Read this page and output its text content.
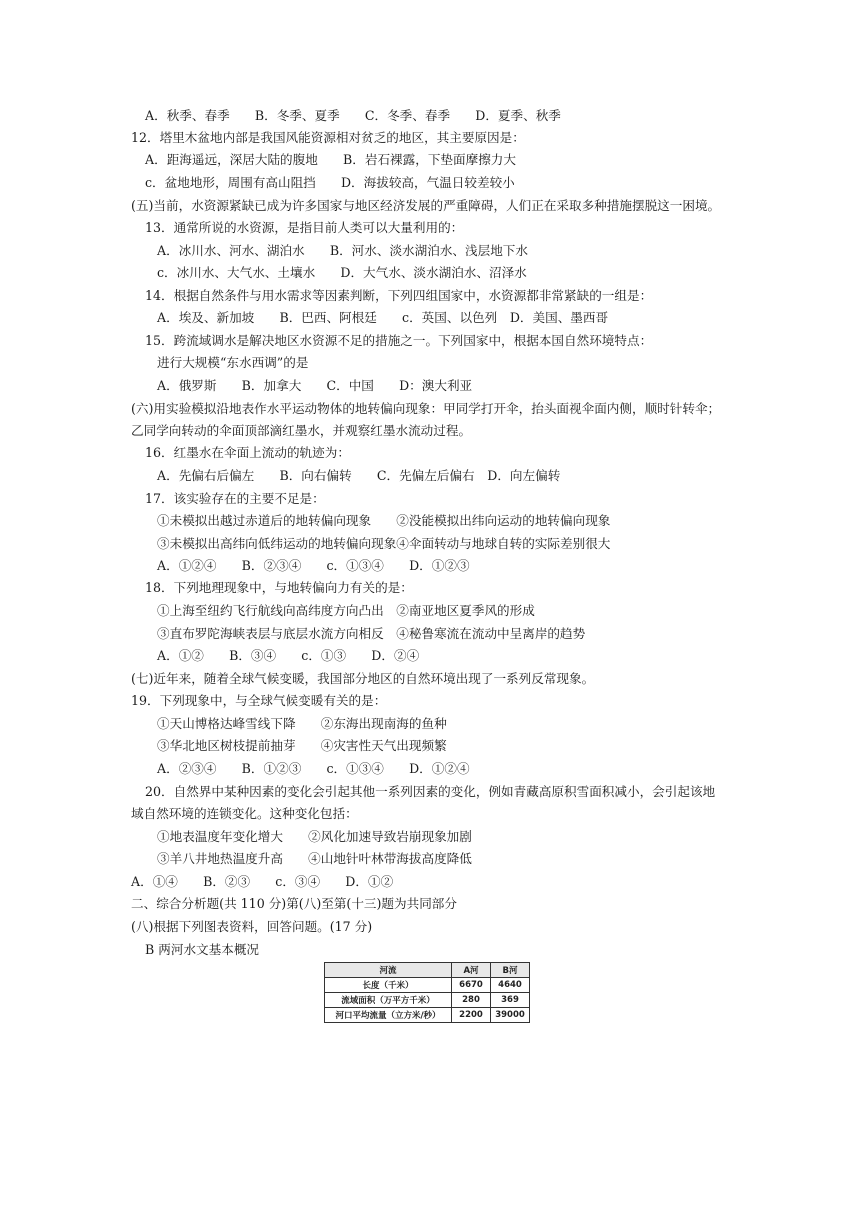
A．秋季、春季　　B．冬季、夏季　　C．冬季、春季　　D．夏季、秋季
12．塔里木盆地内部是我国风能资源相对贫乏的地区，其主要原因是：
A．距海遥远，深居大陆的腹地　　B．岩石裸露，下垫面摩擦力大
c．盆地地形，周围有高山阻挡　　D．海拔较高，气温日较差较小
(五)当前，水资源紧缺已成为许多国家与地区经济发展的严重障碍，人们正在采取多种措施摆脱这一困境。
13．通常所说的水资源，是指目前人类可以大量利用的：
A．冰川水、河水、湖泊水　　B．河水、淡水湖泊水、浅层地下水
c．冰川水、大气水、土壤水　　D．大气水、淡水湖泊水、沼泽水
14．根据自然条件与用水需求等因素判断，下列四组国家中，水资源都非常紧缺的一组是：
A．埃及、新加坡　　B．巴西、阿根廷　　c．英国、以色列　D．美国、墨西哥
15．跨流域调水是解决地区水资源不足的措施之一。下列国家中，根据本国自然环境特点：
进行大规模“东水西调”的是
A．俄罗斯　　B．加拿大　　C．中国　　D：澳大利亚
(六)用实验模拟沿地表作水平运动物体的地转偏向现象：甲同学打开伞，抬头面视伞面内侧，顺时针转伞；
乙同学向转动的伞面顶部滴红墨水，并观察红墨水流动过程。
16．红墨水在伞面上流动的轨迹为：
A．先偏右后偏左　　B．向右偏转　　C．先偏左后偏右　D．向左偏转
17．该实验存在的主要不足是：
①未模拟出越过赤道后的地转偏向现象　　②没能模拟出纬向运动的地转偏向现象
③未模拟出高纬向低纬运动的地转偏向现象④伞面转动与地球自转的实际差别很大
A．①②④　　B．②③④　　c．①③④　　D．①②③
18．下列地理现象中，与地转偏向力有关的是：
①上海至纽约飞行航线向高纬度方向凸出　②南亚地区夏季风的形成
③直布罗陀海峡表层与底层水流方向相反　④秘鲁寒流在流动中呈离岸的趋势
A．①②　　B．③④　　c．①③　　D．②④
(七)近年来，随着全球气候变暖，我国部分地区的自然环境出现了一系列反常现象。
19．下列现象中，与全球气候变暖有关的是：
①天山博格达峰雪线下降　　②东海出现南海的鱼种
③华北地区树枝提前抽芽　　④灾害性天气出现频繁
A．②③④　　B．①②③　　c．①③④　　D．①②④
20．自然界中某种因素的变化会引起其他一系列因素的变化，例如青藏高原积雪面积减小，会引起该地
域自然环境的连锁变化。这种变化包括：
①地表温度年变化增大　　②风化加速导致岩崩现象加剧
③羊八井地热温度升高　　④山地针叶林带海拔高度降低
A．①④　　B．②③　　c．③④　　D．①②
二、综合分析题(共 110 分)第(八)至第(十三)题为共同部分
(八)根据下列图表资料，回答问题。(17 分)
B 两河水文基本概况
河流	A河	B河
长度（千米）	6670	4640
流域面积（万平方千米）	280	369
河口平均流量（立方米/秒）	2200	39000
